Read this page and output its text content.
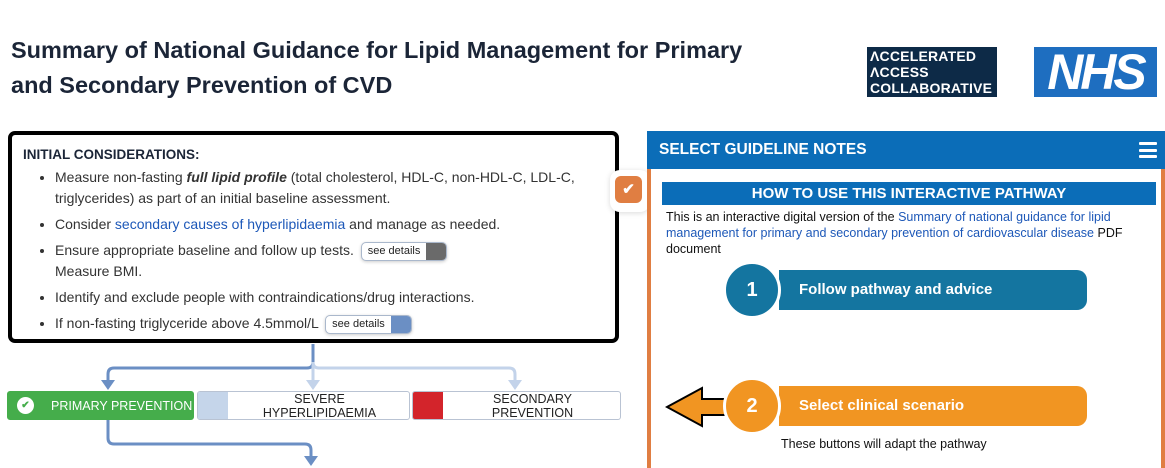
Summary of National Guidance for Lipid Management for Primary and Secondary Prevention of CVD
ΛCCELERATED
ΛCCESS
COLLABORATIVE NHS
INITIAL CONSIDERATIONS:
• Measure non-fasting full lipid profile (total cholesterol, HDL-C, non-HDL-C, LDL-C, triglycerides) as part of an initial baseline assessment.
• Consider secondary causes of hyperlipidaemia and manage as needed.
• Ensure appropriate baseline and follow up tests.	see details

Measure BMI.
• Identify and exclude people with contraindications/drug interactions.
• If non-fasting triglyceride above 4.5mmol/L	see details
✔
✔	PRIMARY PREVENTION	SEVERE HYPERLIPIDAEMIA
SECONDARY PREVENTION
SELECT GUIDELINE NOTES
HOW TO USE THIS INTERACTIVE PATHWAY
This is an interactive digital version of the Summary of national guidance for lipid management for primary and secondary prevention of cardiovascular disease PDF document
1	Follow pathway and advice
2	Select clinical scenario
These buttons will adapt the pathway
